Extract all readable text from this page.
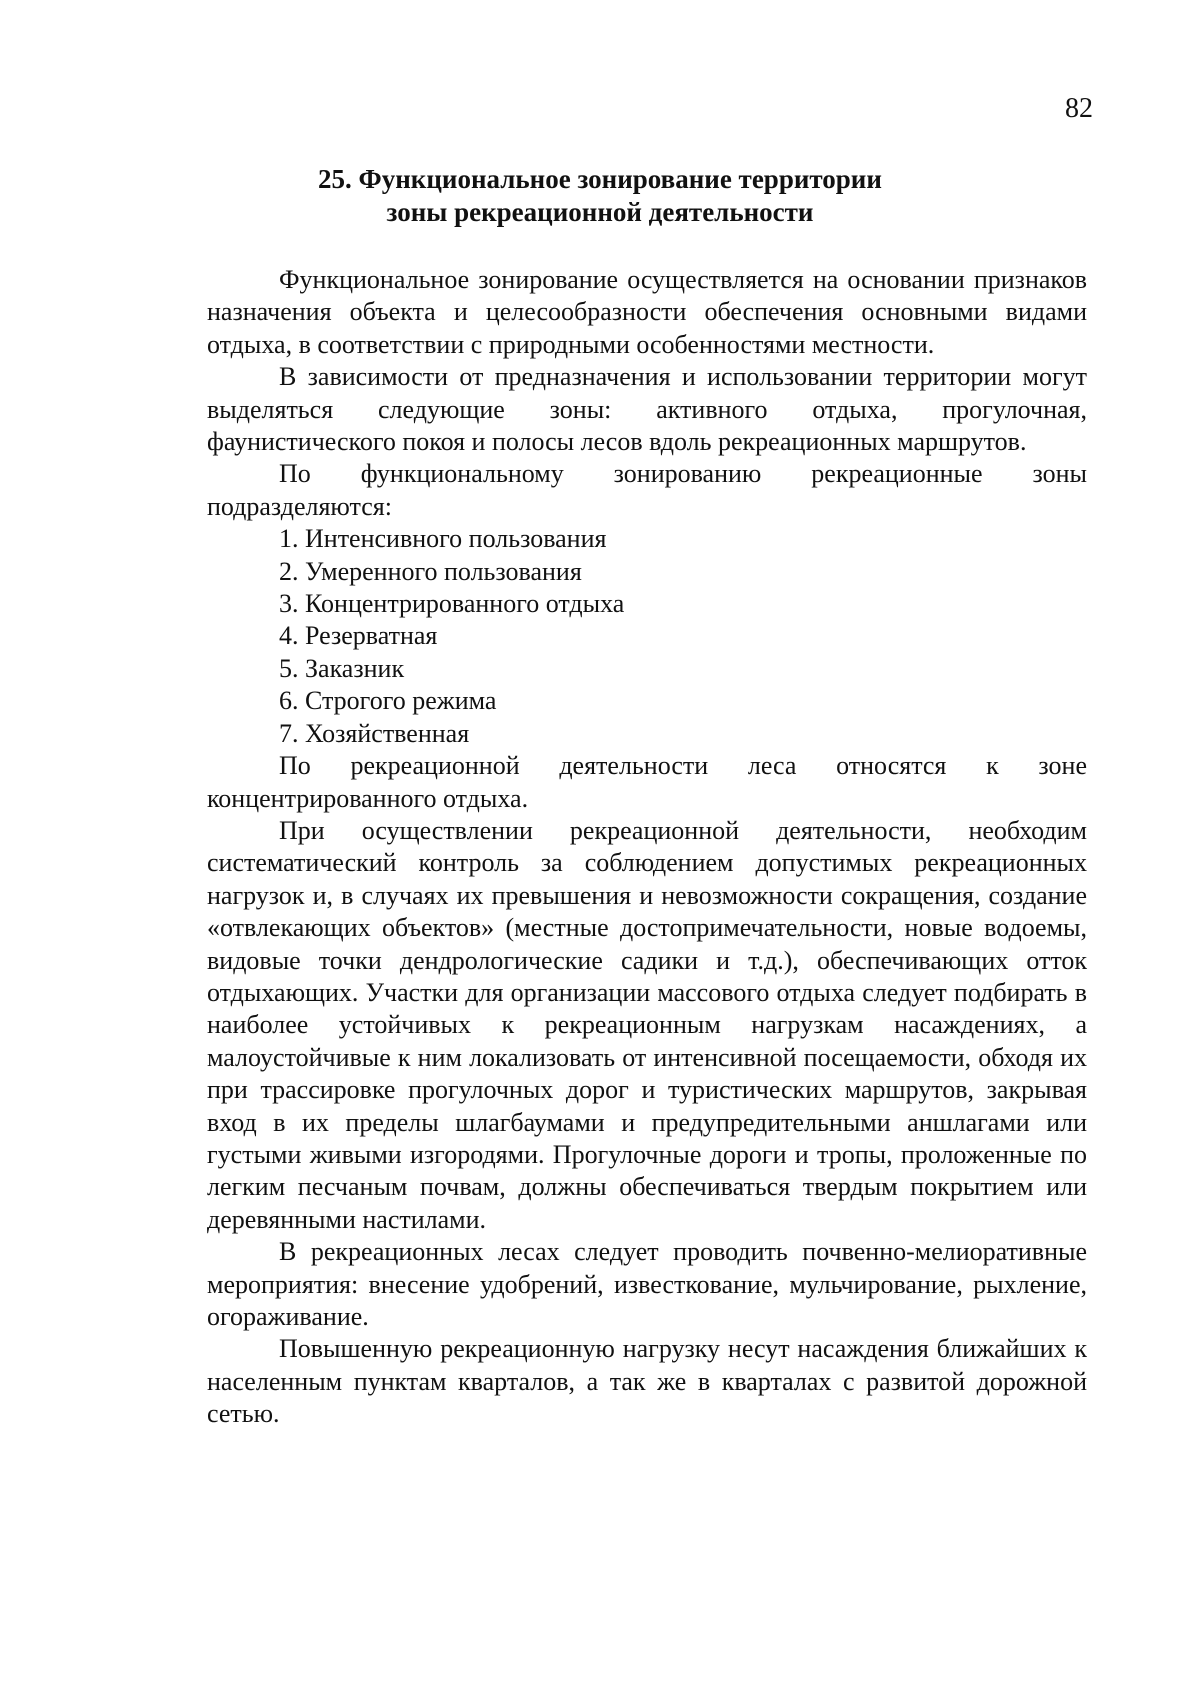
82
25. Функциональное зонирование территории
зоны рекреационной деятельности

Функциональное зонирование осуществляется на основании признаков назначения объекта и целесообразности обеспечения основными видами отдыха, в соответствии с природными особенностями местности.

В зависимости от предназначения и использовании территории могут выделяться следующие зоны: активного отдыха, прогулочная, фаунистического покоя и полосы лесов вдоль рекреационных маршрутов.

По функциональному зонированию рекреационные зоны подразделяются:

1. Интенсивного пользования
2. Умеренного пользования
3. Концентрированного отдыха
4. Резерватная
5. Заказник
6. Строгого режима
7. Хозяйственная

По рекреационной деятельности леса относятся к зоне концентрированного отдыха.

При осуществлении рекреационной деятельности, необходим систематический контроль за соблюдением допустимых рекреационных нагрузок и, в случаях их превышения и невозможности сокращения, создание «отвлекающих объектов» (местные достопримечательности, новые водоемы, видовые точки дендрологические садики и т.д.), обеспечивающих отток отдыхающих. Участки для организации массового отдыха следует подбирать в наиболее устойчивых к рекреационным нагрузкам насаждениях, а малоустойчивые к ним локализовать от интенсивной посещаемости, обходя их при трассировке прогулочных дорог и туристических маршрутов, закрывая вход в их пределы шлагбаумами и предупредительными аншлагами или густыми живыми изгородями. Прогулочные дороги и тропы, проложенные по легким песчаным почвам, должны обеспечиваться твердым покрытием или деревянными настилами.

В рекреационных лесах следует проводить почвенно-мелиоративные мероприятия: внесение удобрений, известкование, мульчирование, рыхление, огораживание.

Повышенную рекреационную нагрузку несут насаждения ближайших к населенным пунктам кварталов, а так же в кварталах с развитой дорожной сетью.
